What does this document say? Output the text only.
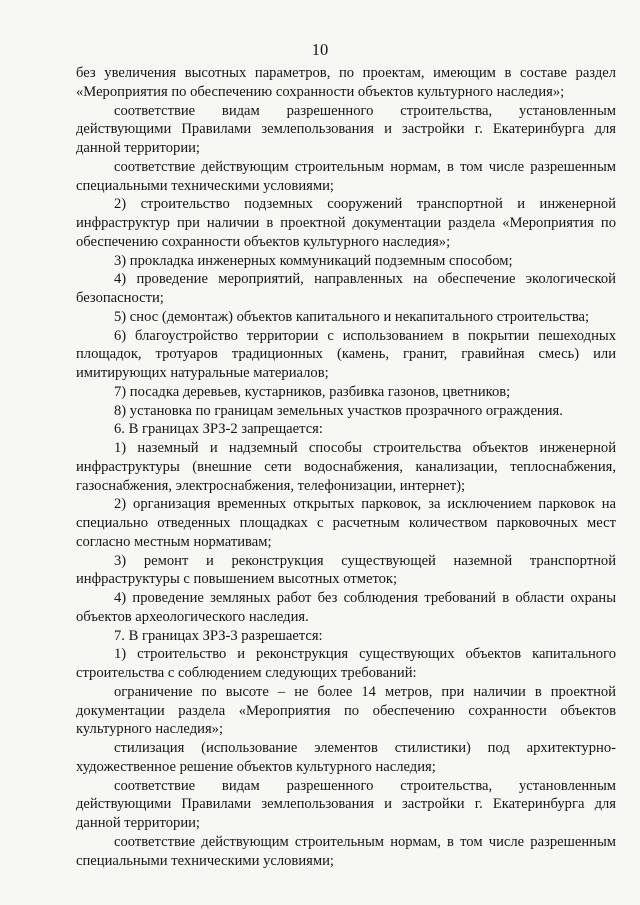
10

без увеличения высотных параметров, по проектам, имеющим в составе раздел «Мероприятия по обеспечению сохранности объектов культурного наследия»;

соответствие видам разрешенного строительства, установленным действующими Правилами землепользования и застройки г. Екатеринбурга для данной территории;

соответствие действующим строительным нормам, в том числе разрешенным специальными техническими условиями;

2) строительство подземных сооружений транспортной и инженерной инфраструктур при наличии в проектной документации раздела «Мероприятия по обеспечению сохранности объектов культурного наследия»;

3) прокладка инженерных коммуникаций подземным способом;

4) проведение мероприятий, направленных на обеспечение экологической безопасности;

5) снос (демонтаж) объектов капитального и некапитального строительства;

6) благоустройство территории с использованием в покрытии пешеходных площадок, тротуаров традиционных (камень, гранит, гравийная смесь) или имитирующих натуральные материалов;

7) посадка деревьев, кустарников, разбивка газонов, цветников;

8) установка по границам земельных участков прозрачного ограждения.

6. В границах ЗРЗ-2 запрещается:

1) наземный и надземный способы строительства объектов инженерной инфраструктуры (внешние сети водоснабжения, канализации, теплоснабжения, газоснабжения, электроснабжения, телефонизации, интернет);

2) организация временных открытых парковок, за исключением парковок на специально отведенных площадках с расчетным количеством парковочных мест согласно местным нормативам;

3) ремонт и реконструкция существующей наземной транспортной инфраструктуры с повышением высотных отметок;

4) проведение земляных работ без соблюдения требований в области охраны объектов археологического наследия.

7. В границах ЗРЗ-3 разрешается:

1) строительство и реконструкция существующих объектов капитального строительства с соблюдением следующих требований:

ограничение по высоте – не более 14 метров, при наличии в проектной документации раздела «Мероприятия по обеспечению сохранности объектов культурного наследия»;

стилизация (использование элементов стилистики) под архитектурно-художественное решение объектов культурного наследия;

соответствие видам разрешенного строительства, установленным действующими Правилами землепользования и застройки г. Екатеринбурга для данной территории;

соответствие действующим строительным нормам, в том числе разрешенным специальными техническими условиями;
